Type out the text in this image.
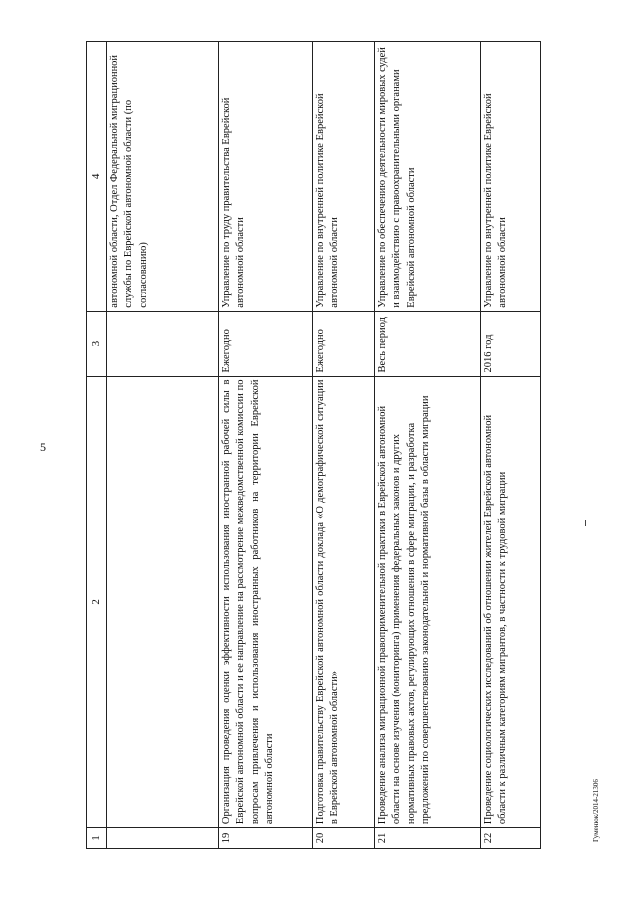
5
Гуменюк/2014-21306
1	2	3	4
			автономной области, Отдел Федеральной миграционной службы по Еврейской автономной области (по согласованию)
19	Организация проведения оценки эффективности использования иностранной рабочей силы в Еврейской автономной области и ее направление на рассмотрение межведомственной комиссии по вопросам привлечения и использования иностранных работников на территории Еврейской автономной области	Ежегодно	Управление по труду правительства Еврейской автономной области
20	Подготовка правительству Еврейской автономной области доклада «О демографической ситуации в Еврейской автономной области»	Ежегодно	Управление по внутренней политике Еврейской автономной области
21	Проведение анализа миграционной правоприменительной практики в Еврейской автономной области на основе изучения (мониторинга) применения федеральных законов и других нормативных правовых актов, регулирующих отношения в сфере миграции, и разработка предложений по совершенствованию законодательной и нормативной базы в области миграции	Весь период	Управление по обеспечению деятельности мировых судей и взаимодействию с правоохранительными органами Еврейской автономной области
22	Проведение социологических исследований об отношении жителей Еврейской автономной области к различным категориям мигрантов, в частности к трудовой миграции	2016 год	Управление по внутренней политике Еврейской автономной области
